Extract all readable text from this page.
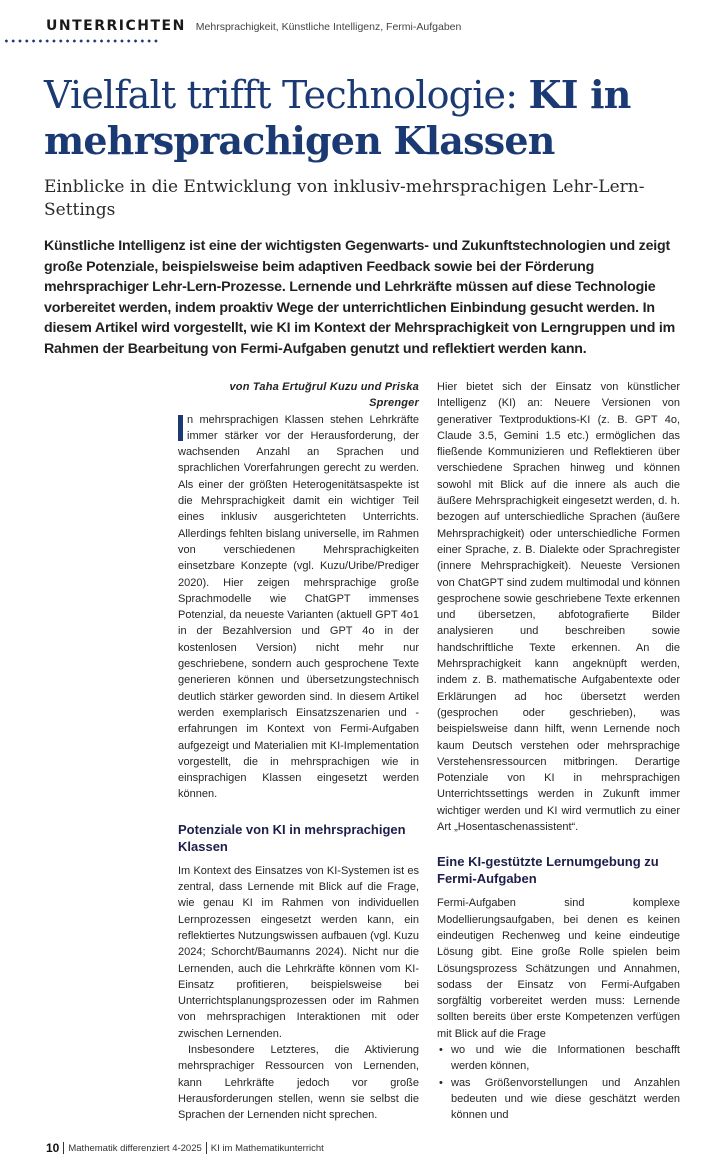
UNTERRICHTEN Mehrsprachigkeit, Künstliche Intelligenz, Fermi-Aufgaben
Vielfalt trifft Technologie: KI in mehrsprachigen Klassen
Einblicke in die Entwicklung von inklusiv-mehrsprachigen Lehr-Lern-Settings

Künstliche Intelligenz ist eine der wichtigsten Gegenwarts- und Zukunftstechnologien und zeigt große Potenziale, beispielsweise beim adaptiven Feedback sowie bei der Förderung mehrsprachiger Lehr-Lern-Prozesse. Lernende und Lehrkräfte müssen auf diese Technologie vorbereitet werden, indem proaktiv Wege der unterrichtlichen Einbindung gesucht werden. In diesem Artikel wird vorgestellt, wie KI im Kontext der Mehrsprachigkeit von Lerngruppen und im Rahmen der Bearbeitung von Fermi-Aufgaben genutzt und reflektiert werden kann.

von Taha Ertuğrul Kuzu und Priska Sprenger

n mehrsprachigen Klassen stehen Lehrkräfte immer stärker vor der Herausforderung, der wachsenden Anzahl an Sprachen und sprachlichen Vorerfahrungen gerecht zu werden. Als einer der größten Heterogenitätsaspekte ist die Mehrsprachigkeit damit ein wichtiger Teil eines inklusiv ausgerichteten Unterrichts. Allerdings fehlten bislang universelle, im Rahmen von verschiedenen Mehrsprachigkeiten einsetzbare Konzepte (vgl. Kuzu/Uribe/Prediger 2020). Hier zeigen mehrsprachige große Sprachmodelle wie ChatGPT immenses Potenzial, da neueste Varianten (aktuell GPT 4o1 in der Bezahlversion und GPT 4o in der kostenlosen Version) nicht mehr nur geschriebene, sondern auch gesprochene Texte generieren können und übersetzungstechnisch deutlich stärker geworden sind. In diesem Artikel werden exemplarisch Einsatzszenarien und -erfahrungen im Kontext von Fermi-Aufgaben aufgezeigt und Materialien mit KI-Implementation vorgestellt, die in mehrsprachigen wie in einsprachigen Klassen eingesetzt werden können.

Potenziale von KI in mehrsprachigen Klassen

Im Kontext des Einsatzes von KI-Systemen ist es zentral, dass Lernende mit Blick auf die Frage, wie genau KI im Rahmen von individuellen Lernprozessen eingesetzt werden kann, ein reflektiertes Nutzungswissen aufbauen (vgl. Kuzu 2024; Schorcht/Baumanns 2024). Nicht nur die Lernenden, auch die Lehrkräfte können vom KI-Einsatz profitieren, beispielsweise bei Unterrichtsplanungsprozessen oder im Rahmen von mehrsprachigen Interaktionen mit oder zwischen Lernenden.

Insbesondere Letzteres, die Aktivierung mehrsprachiger Ressourcen von Lernenden, kann Lehrkräfte jedoch vor große Herausforderungen stellen, wenn sie selbst die Sprachen der Lernenden nicht sprechen.

Hier bietet sich der Einsatz von künstlicher Intelligenz (KI) an: Neuere Versionen von generativer Textproduktions-KI (z. B. GPT 4o, Claude 3.5, Gemini 1.5 etc.) ermöglichen das fließende Kommunizieren und Reflektieren über verschiedene Sprachen hinweg und können sowohl mit Blick auf die innere als auch die äußere Mehrsprachigkeit eingesetzt werden, d. h. bezogen auf unterschiedliche Sprachen (äußere Mehrsprachigkeit) oder unterschiedliche Formen einer Sprache, z. B. Dialekte oder Sprachregister (innere Mehrsprachigkeit). Neueste Versionen von ChatGPT sind zudem multimodal und können gesprochene sowie geschriebene Texte erkennen und übersetzen, abfotografierte Bilder analysieren und beschreiben sowie handschriftliche Texte erkennen. An die Mehrsprachigkeit kann angeknüpft werden, indem z. B. mathematische Aufgabentexte oder Erklärungen ad hoc übersetzt werden (gesprochen oder geschrieben), was beispielsweise dann hilft, wenn Lernende noch kaum Deutsch verstehen oder mehrsprachige Verstehensressourcen mitbringen. Derartige Potenziale von KI in mehrsprachigen Unterrichtssettings werden in Zukunft immer wichtiger werden und KI wird vermutlich zu einer Art „Hosentaschenassistent“.

Eine KI-gestützte Lernumgebung zu Fermi-Aufgaben

Fermi-Aufgaben sind komplexe Modellierungsaufgaben, bei denen es keinen eindeutigen Rechenweg und keine eindeutige Lösung gibt. Eine große Rolle spielen beim Lösungsprozess Schätzungen und Annahmen, sodass der Einsatz von Fermi-Aufgaben sorgfältig vorbereitet werden muss: Lernende sollten bereits über erste Kompetenzen verfügen mit Blick auf die Frage

• wo und wie die Informationen beschafft werden können,
• was Größenvorstellungen und Anzahlen bedeuten und wie diese geschätzt werden können und
10 Mathematik differenziert 4-2025 KI im Mathematikunterricht
